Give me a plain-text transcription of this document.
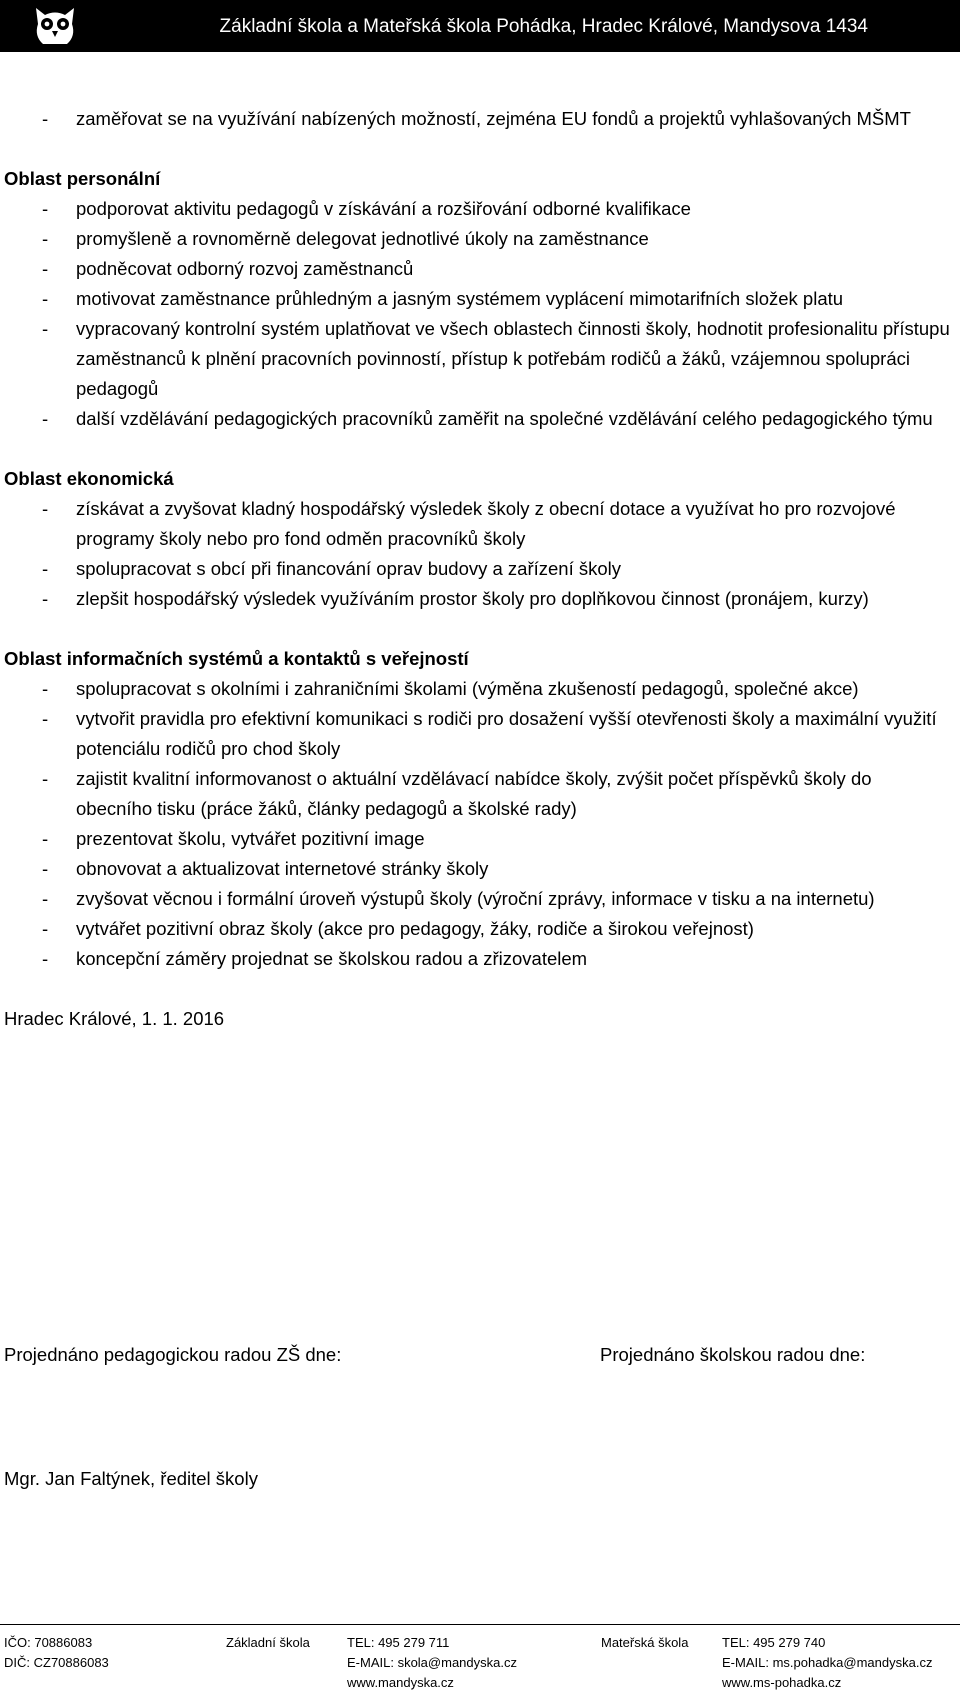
Základní škola a Mateřská škola Pohádka, Hradec Králové, Mandysova 1434
- zaměřovat se na využívání nabízených možností, zejména EU fondů a projektů vyhlašovaných MŠMT
Oblast personální
- podporovat aktivitu pedagogů v získávání a rozšiřování odborné kvalifikace
- promyšleně a rovnoměrně delegovat jednotlivé úkoly na zaměstnance
- podněcovat odborný rozvoj zaměstnanců
- motivovat zaměstnance průhledným a jasným systémem vyplácení mimotarifních složek platu
- vypracovaný kontrolní systém uplatňovat ve všech oblastech činnosti školy, hodnotit profesionalitu přístupu zaměstnanců k plnění pracovních povinností, přístup k potřebám rodičů a žáků, vzájemnou spolupráci pedagogů
- další vzdělávání pedagogických pracovníků zaměřit na společné vzdělávání celého pedagogického týmu
Oblast ekonomická
- získávat a zvyšovat kladný hospodářský výsledek školy z obecní dotace a využívat ho pro rozvojové programy školy nebo pro fond odměn pracovníků školy
- spolupracovat s obcí při financování oprav budovy a zařízení školy
- zlepšit hospodářský výsledek využíváním prostor školy pro doplňkovou činnost (pronájem, kurzy)
Oblast informačních systémů a kontaktů s veřejností
- spolupracovat s okolními i zahraničními školami (výměna zkušeností pedagogů, společné akce)
- vytvořit pravidla pro efektivní komunikaci s rodiči pro dosažení vyšší otevřenosti školy a maximální využití potenciálu rodičů pro chod školy
- zajistit kvalitní informovanost o aktuální vzdělávací nabídce školy, zvýšit počet příspěvků školy do obecního tisku (práce žáků, články pedagogů a školské rady)
- prezentovat školu, vytvářet pozitivní image
- obnovovat a aktualizovat internetové stránky školy
- zvyšovat věcnou i formální úroveň výstupů školy (výroční zprávy, informace v tisku a na internetu)
- vytvářet pozitivní obraz školy (akce pro pedagogy, žáky, rodiče a širokou veřejnost)
- koncepční záměry projednat se školskou radou a zřizovatelem
Hradec Králové, 1. 1. 2016
Projednáno pedagogickou radou ZŠ dne:	Projednáno školskou radou dne:
Mgr. Jan Faltýnek, ředitel školy
IČO: 70886083
DIČ: CZ70886083
Základní škola	TEL: 495 279 711
E-MAIL: skola@mandyska.cz
www.mandyska.cz
Mateřská škola	TEL: 495 279 740
E-MAIL: ms.pohadka@mandyska.cz
www.ms-pohadka.cz
